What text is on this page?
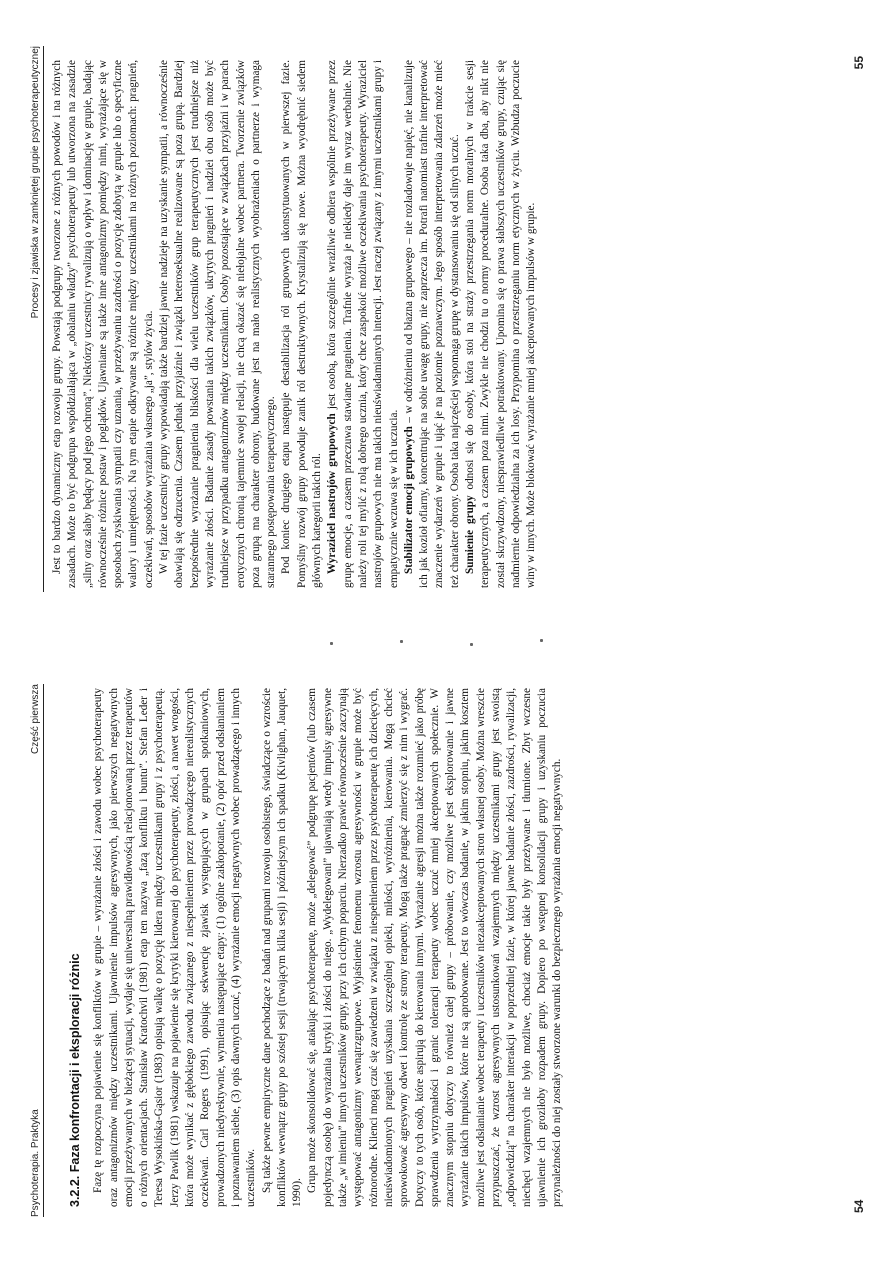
Psychoterapia. Praktyka
Część pierwsza
3.2.2. Faza konfrontacji i eksploracji różnic Fazę tę rozpoczyna pojawienie się konfliktów w grupie – wyrażanie złości i zawodu wobec psychoterapeuty oraz antagonizmów między uczestnikami. Ujawnienie impulsów agresywnych, jako pierwszych negatywnych emocji przeżywanych w bieżącej sytuacji, wydaje się uniwersalną prawidłowością relacjonowaną przez terapeutów o różnych orientacjach. Stanisław Kratochvil (1981) etap ten nazywa „fazą konfliktu i buntu”. Stefan Leder i Teresa Wysokińska-Gąsior (1983) opisują walkę o pozycję lidera między uczestnikami grupy i z psychoterapeutą. Jerzy Pawlik (1981) wskazuje na pojawienie się krytyki kierowanej do psychoterapeuty, złości, a nawet wrogości, która może wynikać z głębokiego zawodu związanego z niespełnieniem przez prowadzącego nierealistycznych oczekiwań. Carl Rogers (1991), opisując sekwencję zjawisk występujących w grupach spotkaniowych, prowadzonych niedyrektywnie, wymienia następujące etapy: (1) ogólne zakłopotanie, (2) opór przed odsłanianiem i poznawaniem siebie, (3) opis dawnych uczuć, (4) wyrażanie emocji negatywnych wobec prowadzącego i innych uczestników. Są także pewne empiryczne dane pochodzące z badań nad grupami rozwoju osobistego, świadczące o wzroście konfliktów wewnątrz grupy po szóstej sesji (trwającym kilka sesji) i późniejszym ich spadku (Kivlighan, Jauquet, 1990). Grupa może skonsolidować się, atakując psychoterapeutę, może „delegować” podgrupę pacjentów (lub czasem pojedynczą osobę) do wyrażania krytyki i złości do niego. „Wydelegowani” ujawniają wtedy impulsy agresywne także „w imieniu” innych uczestników grupy, przy ich cichym poparciu. Nierzadko prawie równocześnie zaczynają występować antagonizmy wewnątrzgrupowe. Wyjaśnienie fenomenu wzrostu agresywności w grupie może być różnorodne. Klienci mogą czuć się zawiedzeni w związku z niespełnieniem przez psychoterapeutę ich dziecięcych, nieuświadomionych pragnień uzyskania szczególnej opieki, miłości, wyróżnienia, kierowania. Mogą chcieć sprowokować agresywny odwet i kontrolę ze strony terapeuty. Mogą także pragnąć zmierzyć się z nim i wygrać. Dotyczy to tych osób, które aspirują do kierowania innymi. Wyrażanie agresji można także rozumieć jako próbę sprawdzenia wytrzymałości i granic tolerancji terapeuty wobec uczuć mniej akceptowanych społecznie. W znacznym stopniu dotyczy to również całej grupy – próbowanie, czy możliwe jest eksplorowanie i jawne wyrażanie takich impulsów, które nie są aprobowane. Jest to wówczas badanie, w jakim stopniu, jakim kosztem możliwe jest odsłanianie wobec terapeuty i uczestników niezaakceptowanych stron własnej osoby. Można wreszcie przypuszczać, że wzrost agresywnych ustosunkowań wzajemnych między uczestnikami grupy jest swoistą „odpowiedzią” na charakter interakcji w poprzedniej fazie, w której jawne badanie złości, zazdrości, rywalizacji, niechęci wzajemnych nie było możliwe, chociaż emocje takie były przeżywane i tłumione. Zbyt wczesne ujawnienie ich groziłoby rozpadem grupy. Dopiero po wstępnej konsolidacji grupy i uzyskaniu poczucia przynależności do niej zostały stworzone warunki do bezpiecznego wyrażania emocji negatywnych.	54
Procesy i zjawiska w zamkniętej grupie psychoterapeutycznej Jest to bardzo dynamiczny etap rozwoju grupy. Powstają podgrupy tworzone z różnych powodów i na różnych zasadach. Może to być podgrupa współdziałająca w „obalaniu władzy” psychoterapeuty lub utworzona na zasadzie „silny oraz słaby będący pod jego ochroną”. Niektórzy uczestnicy rywalizują o wpływ i dominację w grupie, badając równocześnie różnice postaw i poglądów. Ujawniane są także inne antagonizmy pomiędzy nimi, wyrażające się w sposobach zyskiwania sympatii czy uznania, w przeżywaniu zazdrości o pozycję zdobytą w grupie lub o specyficzne walory i umiejętności. Na tym etapie odkrywane są różnice między uczestnikami na różnych poziomach: pragnień, oczekiwań, sposobów wyrażania własnego „ja”, stylów życia. W tej fazie uczestnicy grupy wypowiadają także bardziej jawnie nadzieje na uzyskanie sympatii, a równocześnie obawiają się odrzucenia. Czasem jednak przyjaźnie i związki heteroseksualne realizowane są poza grupą. Bardziej bezpośrednie wyrażanie pragnienia bliskości dla wielu uczestników grup terapeutycznych jest trudniejsze niż wyrażanie złości. Badanie zasady powstania takich związków, ukrytych pragnień i nadziei obu osób może być trudniejsze w przypadku antagonizmów między uczestnikami. Osoby pozostające w związkach przyjaźni i w parach erotycznych chronią tajemnice swojej relacji, nie chcą okazać się niełojalne wobec partnera. Tworzenie związków poza grupą ma charakter obrony, budowane jest na mało realistycznych wyobrażeniach o partnerze i wymaga starannego postępowania terapeutycznego. Pod koniec drugiego etapu następuje destabilizacja ról grupowych ukonstytuowanych w pierwszej fazie. Pomyślny rozwój grupy powoduje zanik ról destruktywnych. Krystalizują się nowe. Można wyodrębnić siedem głównych kategorii takich ról. Wyraziciel nastrojów grupowych jest osobą, która szczególnie wrażliwie odbiera wspólnie przeżywane przez grupę emocje, a czasem przeczuwa stawiane pragnienia. Trafnie wyraża je niekiedy daje im wyraz werbalnie. Nie należy roli tej mylić z rolą dobrego ucznia, który chce zaspokoić możliwe oczekiwania psychoterapeuty. Wyraziciel nastrojów grupowych nie ma takich nieuświadamianych intencji. Jest raczej związany z innymi uczestnikami grupy i empatycznie wczuwa się w ich uczucia. Stabilizator emocji grupowych – w odróżnieniu od błazna grupowego – nie rozładowuje napięć, nie kanalizuje ich jak kozioł ofiarny, koncentrując na sobie uwagę grupy, nie zaprzecza im. Potrafi natomiast trafnie interpretować znaczenie wydarzeń w grupie i ująć je na poziomie poznawczym. Jego sposób interpretowania zdarzeń może mieć też charakter obrony. Osoba taka najczęściej wspomaga grupę w dystansowaniu się od silnych uczuć. Sumienie grupy odnosi się do osoby, która stoi na straży przestrzegania norm moralnych w trakcie sesji terapeutycznych, a czasem poza nimi. Zwykle nie chodzi tu o normy proceduralne. Osoba taka dba, aby nikt nie został skrzywdzony, niesprawiedliwie potraktowany. Upomina się o prawa słabszych uczestników grupy, czując się nadmiernie odpowiedzialna za ich losy. Przypomina o przestrzeganiu norm etycznych w życiu. Wzbudza poczucie winy w innych. Może blokować wyrażanie mniej akceptowanych impulsów w grupie.

55
